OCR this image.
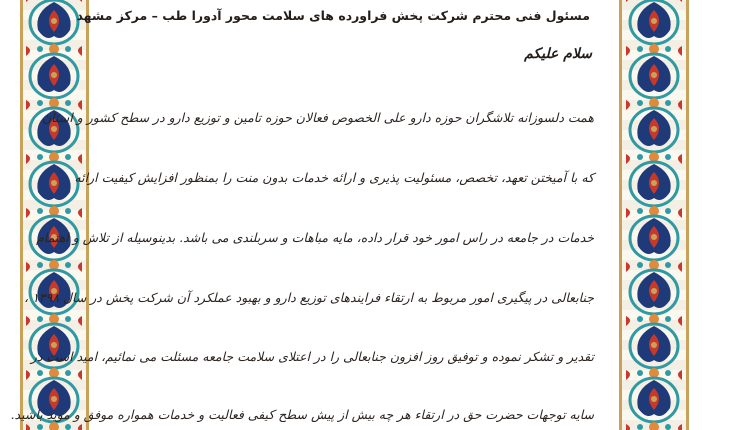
مسئول فنی محترم شرکت پخش فراورده های سلامت محور آدورا طب – مرکز مشهد
سلام علیکم
همت دلسوزانه تلاشگران حوزه دارو علی الخصوص فعالان حوزه تامین و توزیع دارو در سطح کشور و استان
که با آمیختن تعهد، تخصص، مسئولیت پذیری و ارائه خدمات بدون منت را بمنظور افزایش کیفیت ارائه
خدمات در جامعه در راس امور خود قرار داده، مایه مباهات و سربلندی می باشد. بدینوسیله از تلاش و اهتمام
جنابعالی در پیگیری امور مربوط به ارتقاء فرایندهای توزیع دارو و بهبود عملکرد آن شرکت پخش در سال ۱۳۹۸ ،
تقدیر و تشکر نموده و توفیق روز افزون جنابعالی را در اعتلای سلامت جامعه مسئلت می نمائیم، امید است در
سایه توجهات حضرت حق در ارتقاء هر چه بیش از پیش سطح کیفی فعالیت و خدمات همواره موفق و موید باشید.
